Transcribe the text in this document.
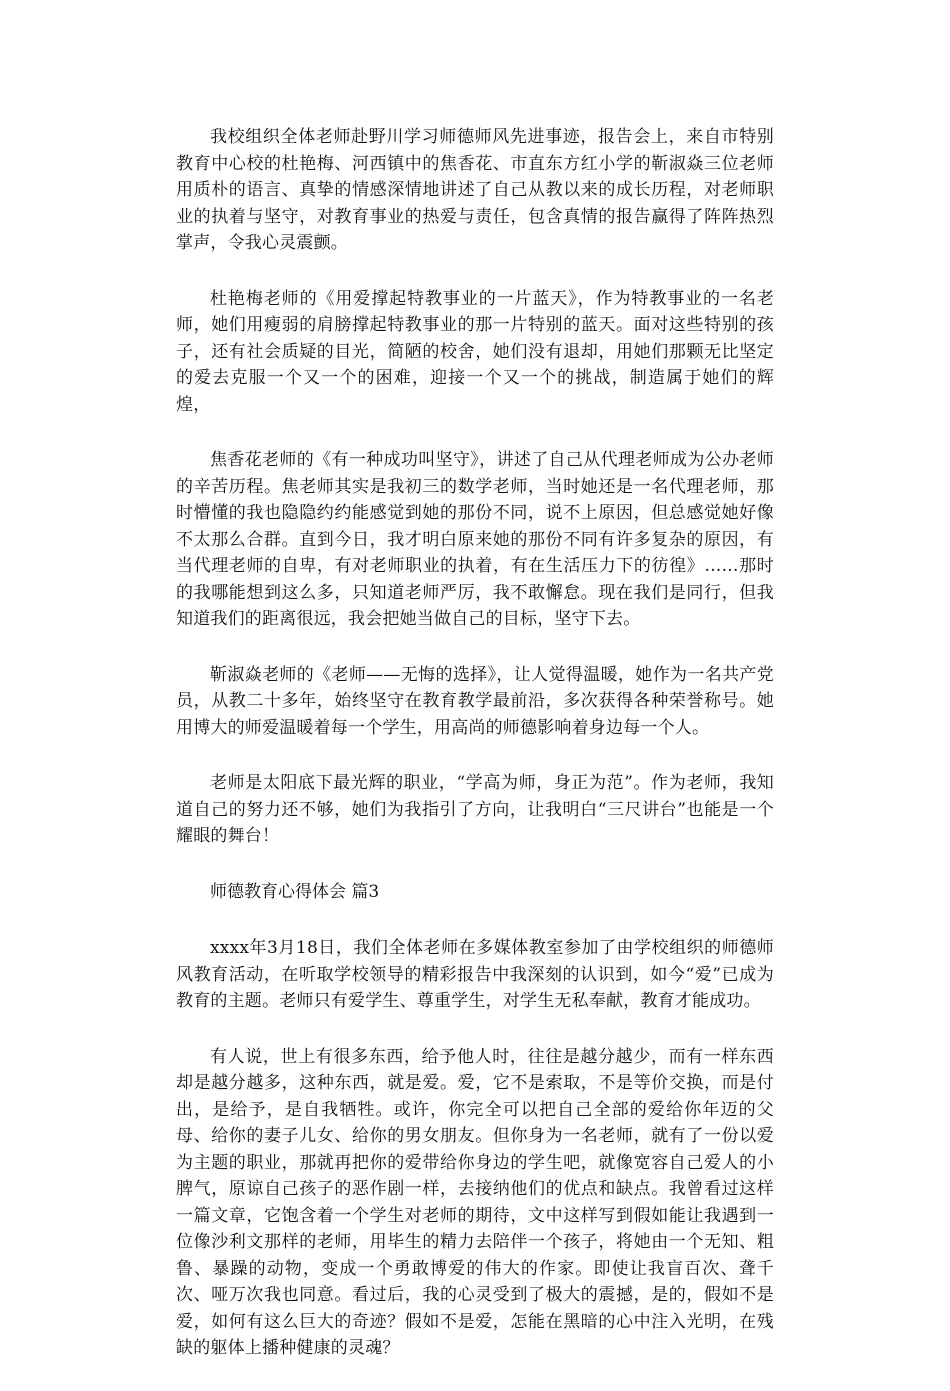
我校组织全体老师赴野川学习师德师风先进事迹，报告会上，来自市特别教育中心校的杜艳梅、河西镇中的焦香花、市直东方红小学的靳淑焱三位老师用质朴的语言、真挚的情感深情地讲述了自己从教以来的成长历程，对老师职业的执着与坚守，对教育事业的热爱与责任，包含真情的报告赢得了阵阵热烈掌声，令我心灵震颤。

杜艳梅老师的《用爱撑起特教事业的一片蓝天》，作为特教事业的一名老师，她们用瘦弱的肩膀撑起特教事业的那一片特别的蓝天。面对这些特别的孩子，还有社会质疑的目光，简陋的校舍，她们没有退却，用她们那颗无比坚定的爱去克服一个又一个的困难，迎接一个又一个的挑战，制造属于她们的辉煌，

焦香花老师的《有一种成功叫坚守》，讲述了自己从代理老师成为公办老师的辛苦历程。焦老师其实是我初三的数学老师，当时她还是一名代理老师，那时懵懂的我也隐隐约约能感觉到她的那份不同，说不上原因，但总感觉她好像不太那么合群。直到今日，我才明白原来她的那份不同有许多复杂的原因，有当代理老师的自卑，有对老师职业的执着，有在生活压力下的彷徨》……那时的我哪能想到这么多，只知道老师严厉，我不敢懈怠。现在我们是同行，但我知道我们的距离很远，我会把她当做自己的目标，坚守下去。

靳淑焱老师的《老师——无悔的选择》，让人觉得温暖，她作为一名共产党员，从教二十多年，始终坚守在教育教学最前沿，多次获得各种荣誉称号。她用博大的师爱温暖着每一个学生，用高尚的师德影响着身边每一个人。

老师是太阳底下最光辉的职业，“学高为师，身正为范”。作为老师，我知道自己的努力还不够，她们为我指引了方向，让我明白“三尺讲台”也能是一个耀眼的舞台！

师德教育心得体会 篇3

xxxx年3月18日，我们全体老师在多媒体教室参加了由学校组织的师德师风教育活动，在听取学校领导的精彩报告中我深刻的认识到，如今“爱”已成为教育的主题。老师只有爱学生、尊重学生，对学生无私奉献，教育才能成功。

有人说，世上有很多东西，给予他人时，往往是越分越少，而有一样东西却是越分越多，这种东西，就是爱。爱，它不是索取，不是等价交换，而是付出，是给予，是自我牺牲。或许，你完全可以把自己全部的爱给你年迈的父母、给你的妻子儿女、给你的男女朋友。但你身为一名老师，就有了一份以爱为主题的职业，那就再把你的爱带给你身边的学生吧，就像宽容自己爱人的小脾气，原谅自己孩子的恶作剧一样，去接纳他们的优点和缺点。我曾看过这样一篇文章，它饱含着一个学生对老师的期待，文中这样写到假如能让我遇到一位像沙利文那样的老师，用毕生的精力去陪伴一个孩子，将她由一个无知、粗鲁、暴躁的动物，变成一个勇敢博爱的伟大的作家。即使让我盲百次、聋千次、哑万次我也同意。看过后，我的心灵受到了极大的震撼，是的，假如不是爱，如何有这么巨大的奇迹？假如不是爱，怎能在黑暗的心中注入光明，在残缺的躯体上播种健康的灵魂？
